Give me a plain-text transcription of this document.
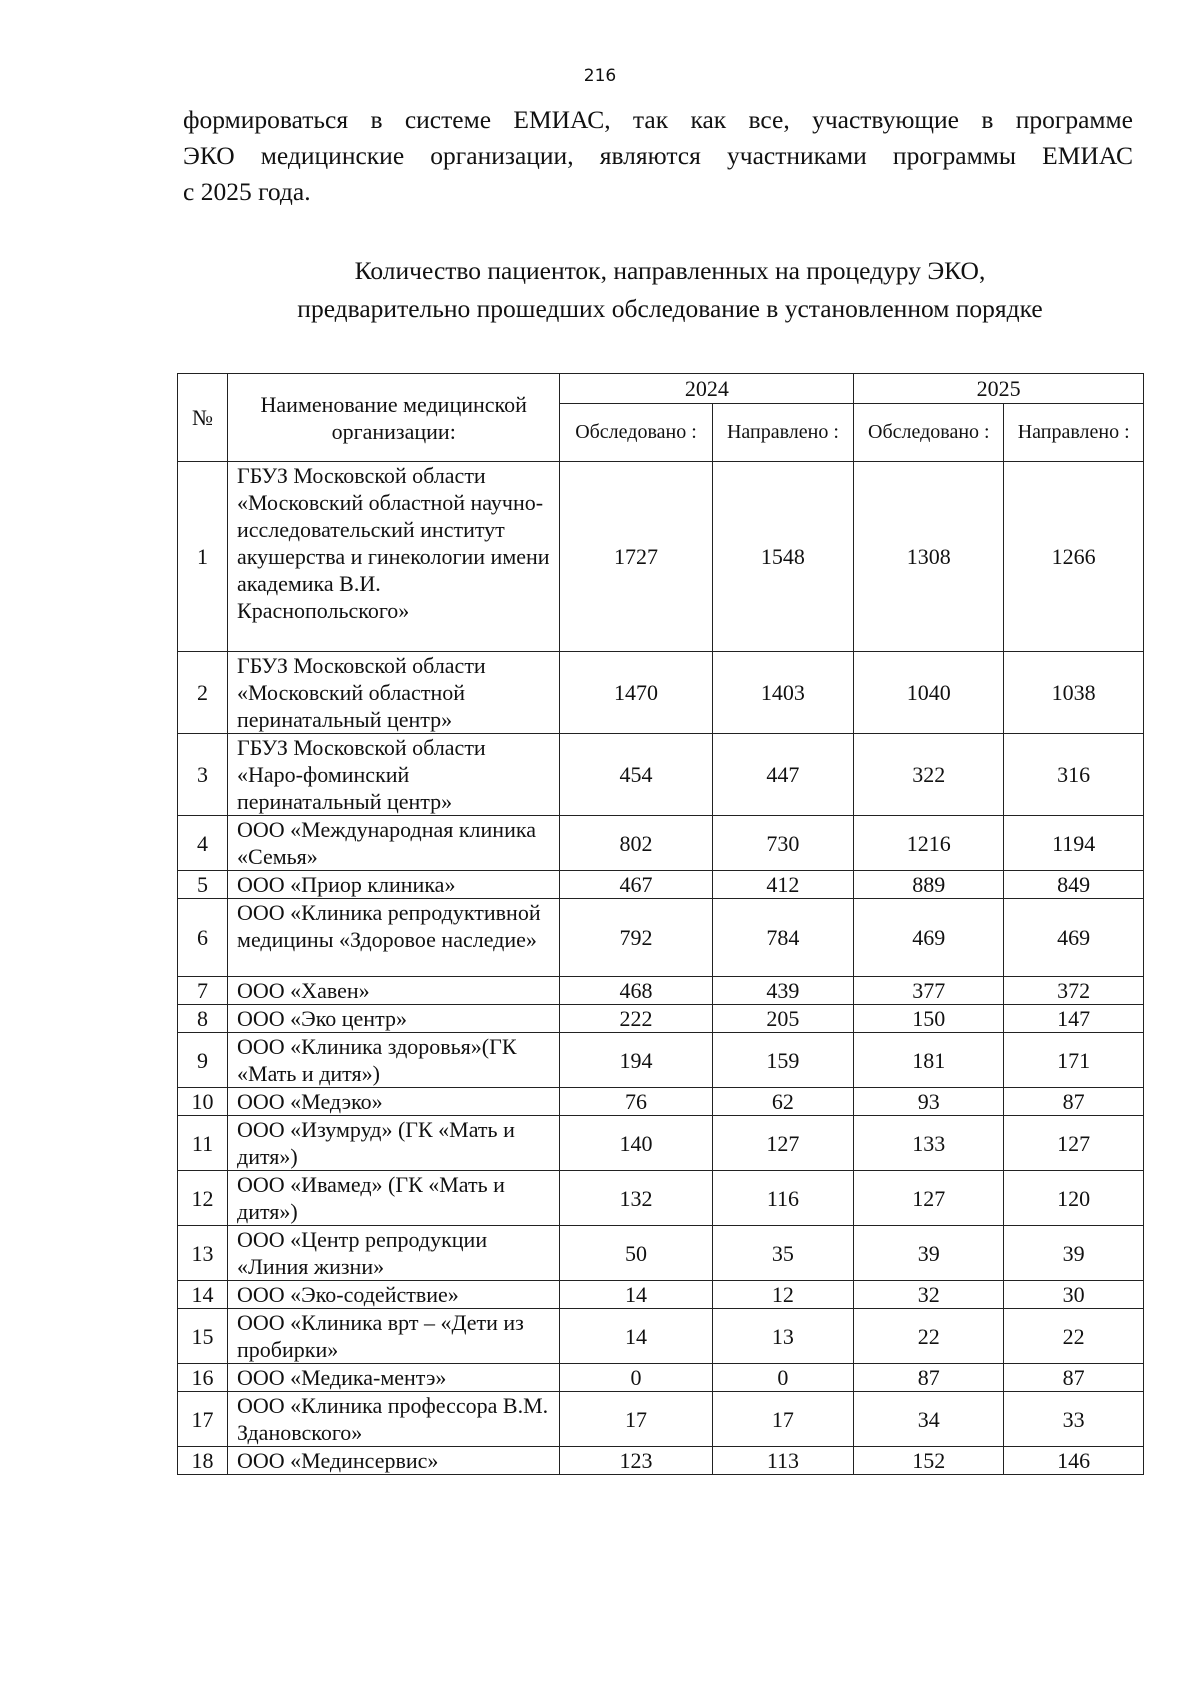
216
формироваться в системе ЕМИАС, так как все, участвующие в программе
ЭКО медицинские организации, являются участниками программы ЕМИАС
с 2025 года.
Количество пациенток, направленных на процедуру ЭКО,
предварительно прошедших обследование в установленном порядке
№	Наименование медицинской организации:	2024		2025	
		Обследовано :	Направлено :	Обследовано :	Направлено :
1	ГБУЗ Московской области «Московский областной научно-исследовательский институт акушерства и гинекологии имени академика В.И. Краснопольского»	1727	1548	1308	1266
2	ГБУЗ Московской области «Московский областной перинатальный центр»	1470	1403	1040	1038
3	ГБУЗ Московской области «Наро-фоминский перинатальный центр»	454	447	322	316
4	ООО «Международная клиника «Семья»	802	730	1216	1194
5	ООО «Приор клиника»	467	412	889	849
6	ООО «Клиника репродуктивной медицины «Здоровое наследие»	792	784	469	469
7	ООО «Хавен»	468	439	377	372
8	ООО «Эко центр»	222	205	150	147
9	ООО «Клиника здоровья»(ГК «Мать и дитя»)	194	159	181	171
10	ООО «Медэко»	76	62	93	87
11	ООО «Изумруд» (ГК «Мать и дитя»)	140	127	133	127
12	ООО «Ивамед» (ГК «Мать и дитя»)	132	116	127	120
13	ООО «Центр репродукции «Линия жизни»	50	35	39	39
14	ООО «Эко-содействие»	14	12	32	30
15	ООО «Клиника врт – «Дети из пробирки»	14	13	22	22
16	ООО «Медика-ментэ»	0	0	87	87
17	ООО «Клиника профессора В.М. Здановского»	17	17	34	33
18	ООО «Мединсервис»	123	113	152	146
